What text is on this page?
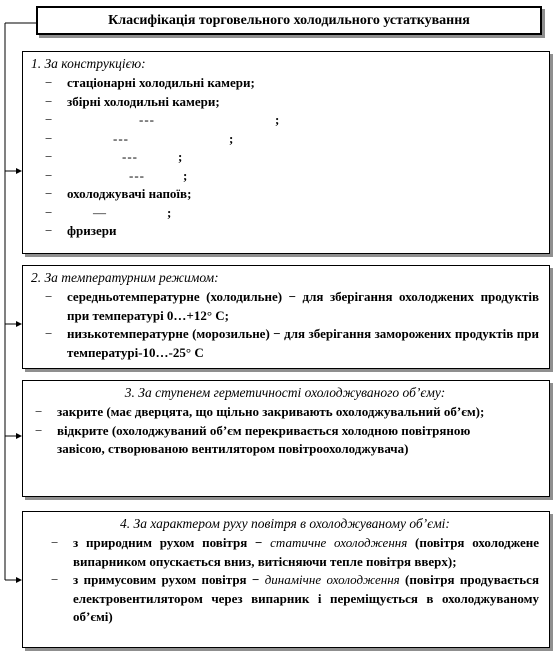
Класифікація торговельного холодильного устаткування
1. За конструкцією:
− стаціонарні холодильні камери;
− збірні холодильні камери;
−	---	;
−	---	;
−	---	;
−	---	;
− охолоджувачі напоїв;
−	—	;
− фризери
2. За температурним режимом:
− середньотемпературне (холодильне) − для зберігання охолоджених продуктів при температурі 0…+12° С;
− низькотемпературне (морозильне) − для зберігання заморожених продуктів при температурі-10…-25° С
3. За ступенем герметичності охолоджуваного об’єму:
− закрите (має дверцята, що щільно закривають охолоджувальний об’єм);
− відкрите (охолоджуваний об’єм перекривається холодною повітряною завісою, створюваною вентилятором повітроохолоджувача)
4. За характером руху повітря в охолоджуваному об’ємі:
− з природним рухом повітря − статичне охолодження (повітря охолоджене випарником опускається вниз, витісняючи тепле повітря вверх);
− з примусовим рухом повітря − динамічне охолодження (повітря продувається електровентилятором через випарник і переміщується в охолоджуваному об’ємі)
